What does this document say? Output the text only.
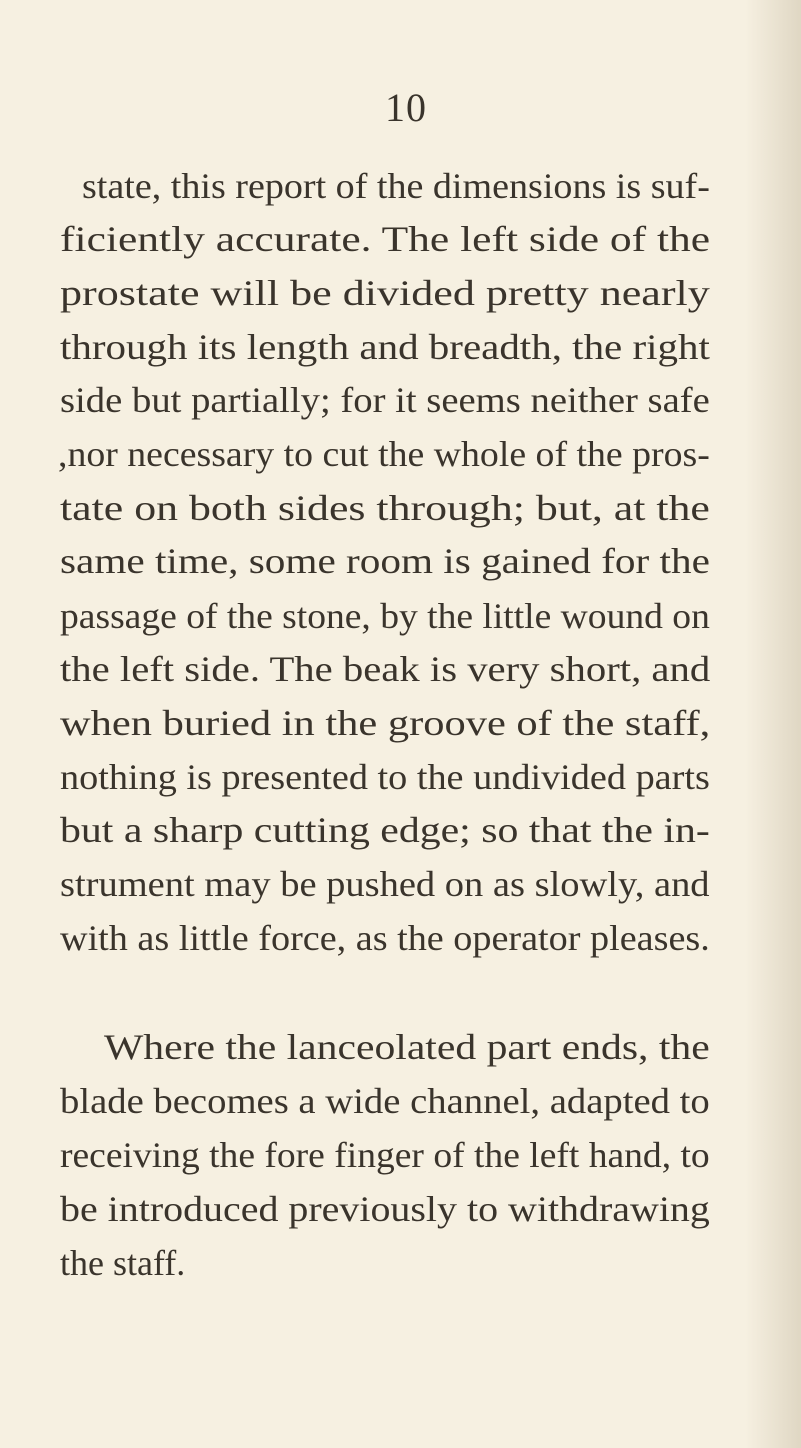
10
state, this report of the dimensions is suf-
ficiently accurate. The left side of the
prostate will be divided pretty nearly
through its length and breadth, the right
side but partially; for it seems neither safe
,nor necessary to cut the whole of the pros-
tate on both sides through; but, at the
same time, some room is gained for the
passage of the stone, by the little wound on
the left side. The beak is very short, and
when buried in the groove of the staff,
nothing is presented to the undivided parts
but a sharp cutting edge; so that the in-
strument may be pushed on as slowly, and
with as little force, as the operator pleases.
Where the lanceolated part ends, the
blade becomes a wide channel, adapted to
receiving the fore finger of the left hand, to
be introduced previously to withdrawing
the staff.
